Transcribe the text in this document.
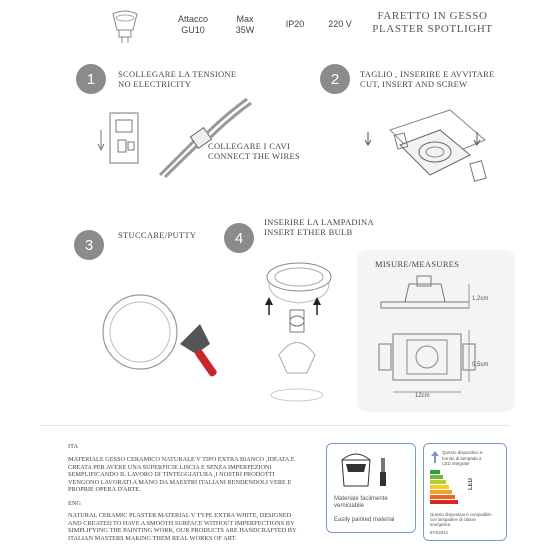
Attacco
GU10
Max
35W
IP20	220 V
FARETTO IN GESSO
PLASTER SPOTLIGHT
1	SCOLLEGARE LA TENSIONE
NO ELECTRICITY
COLLEGARE I CAVI
CONNECT THE WIRES
2	TAGLIO , INSERIRE E AVVITARE
CUT, INSERT AND SCREW
3
STUCCARE/PUTTY	4
INSERIRE LA LAMPADINA
INSERT ETHER BULB
MISURE/MEASURES
1,2cm
9,5cm
12cm
ITA
MATERIALE GESSO CERAMICO NATURALE V TIPO EXTRA BIANCO ,IDEATA E CREATA PER AVERE UNA SUPERFICIE LISCIA E SENZA IMPERFEZIONI SEMPLIFICANDO IL LAVORO DI TINTEGGIATURA ,I NOSTRI PRODOTTI VENGONO LAVORATI A MANO DA MAESTRI ITALIANI RENDENDOLI VERE E PROPRIE OPERA D'ARTE.
ENG
NATURAL CERAMIC PLASTER MATERIAL V TYPE EXTRA WHITE, DESIGNED AND CREATED TO HAVE A SMOOTH SURFACE WITHOUT IMPERFECTIONS BY SIMPLIFYING THE PAINTING WORK, OUR PRODUCTS ARE HANDCRAFTED BY ITALIAN MASTERS MAKING THEM REAL WORKS OF ART.
Materiale facilmente verniciabile
Easily painted material
Questo dispositivo è
fornito di lampade a
LED integrate
LED
Questo dispositivo è compatibile
con lampadine di classe
energetica
874/2012
